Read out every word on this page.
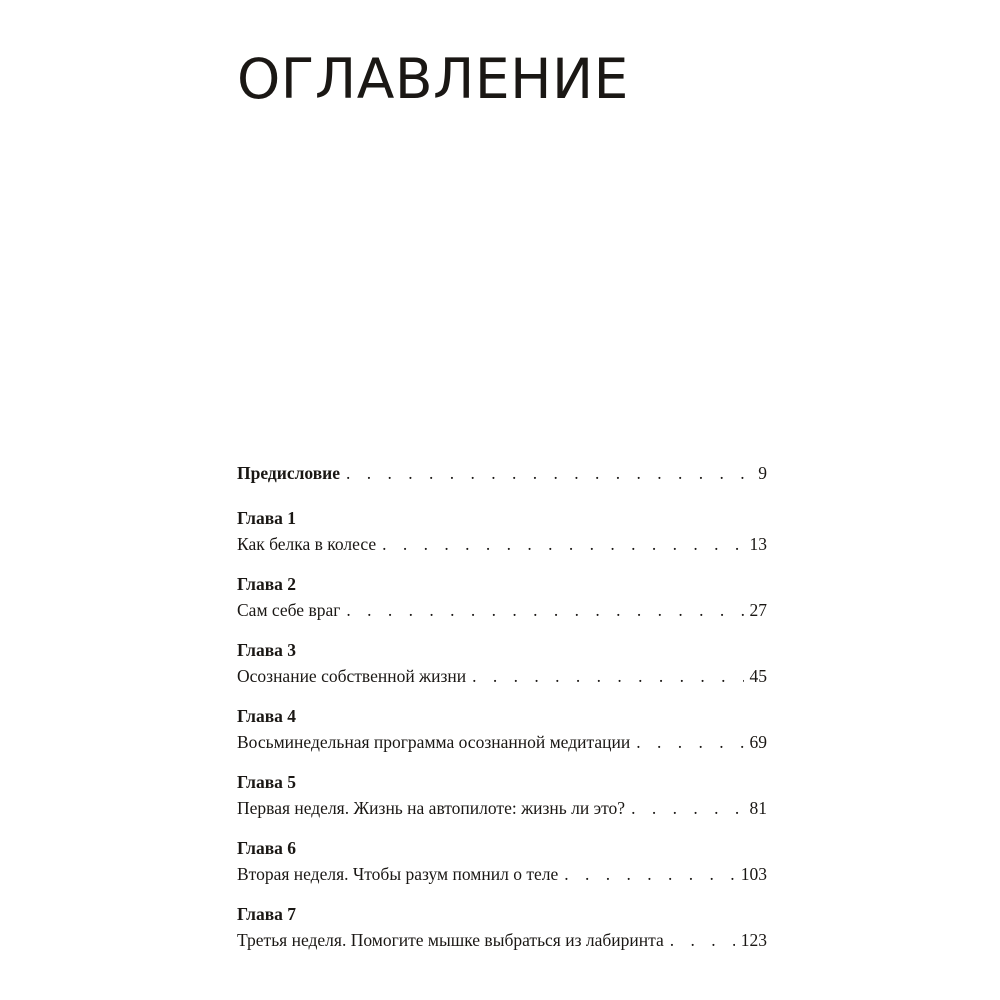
ОГЛАВЛЕНИЕ
Предисловие . . .	9
Глава 1
Как белка в колесе . . .	13
Глава 2
Сам себе враг . . .	27
Глава 3
Осознание собственной жизни . . .	45
Глава 4
Восьминедельная программа осознанной медитации . . .	69
Глава 5
Первая неделя. Жизнь на автопилоте: жизнь ли это? . . .	81
Глава 6
Вторая неделя. Чтобы разум помнил о теле . . .	103
Глава 7
Третья неделя. Помогите мышке выбраться из лабиринта . . .	123
